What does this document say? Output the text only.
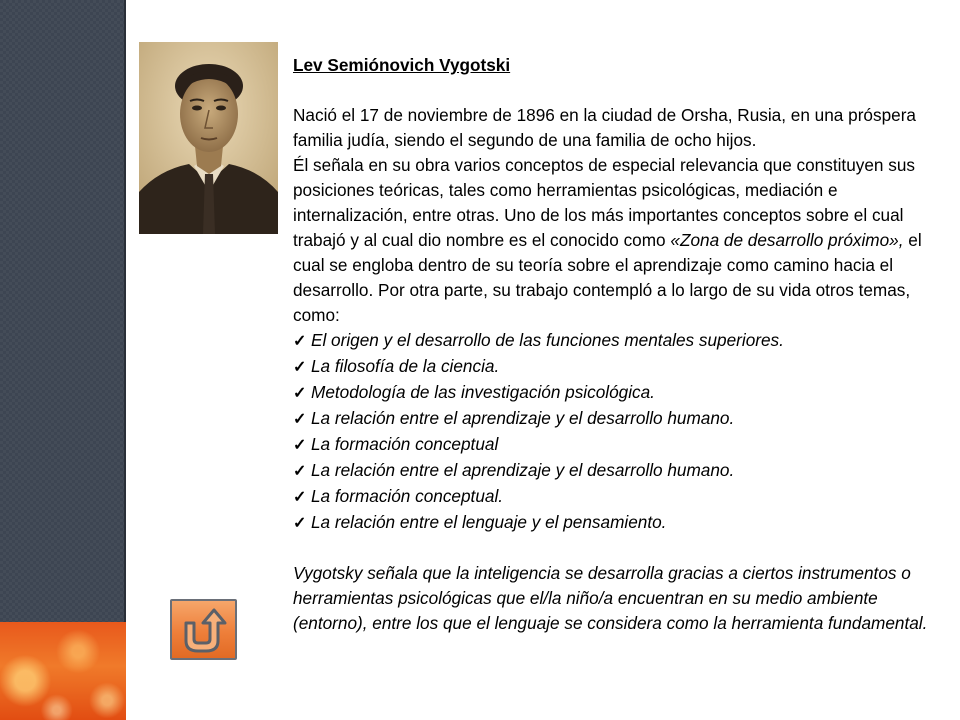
Lev Semiónovich Vygotski

Nació el 17 de noviembre de 1896 en la ciudad de Orsha, Rusia, en una próspera familia judía, siendo el segundo de una familia de ocho hijos.

Él señala en su obra varios conceptos de especial relevancia que constituyen sus posiciones teóricas, tales como herramientas psicológicas, mediación e internalización, entre otras. Uno de los más importantes conceptos sobre el cual trabajó y al cual dio nombre es el conocido como «Zona de desarrollo próximo», el cual se engloba dentro de su teoría sobre el aprendizaje como camino hacia el desarrollo. Por otra parte, su trabajo contempló a lo largo de su vida otros temas, como:

✓ El origen y el desarrollo de las funciones mentales superiores.
✓ La filosofía de la ciencia.
✓ Metodología de las investigación psicológica.
✓ La relación entre el aprendizaje y el desarrollo humano.
✓ La formación conceptual
✓ La relación entre el aprendizaje y el desarrollo humano.
✓ La formación conceptual.
✓ La relación entre el lenguaje y el pensamiento.

Vygotsky señala que la inteligencia se desarrolla gracias a ciertos instrumentos o herramientas psicológicas que el/la niño/a encuentran en su medio ambiente (entorno), entre los que el lenguaje se considera como la herramienta fundamental.
